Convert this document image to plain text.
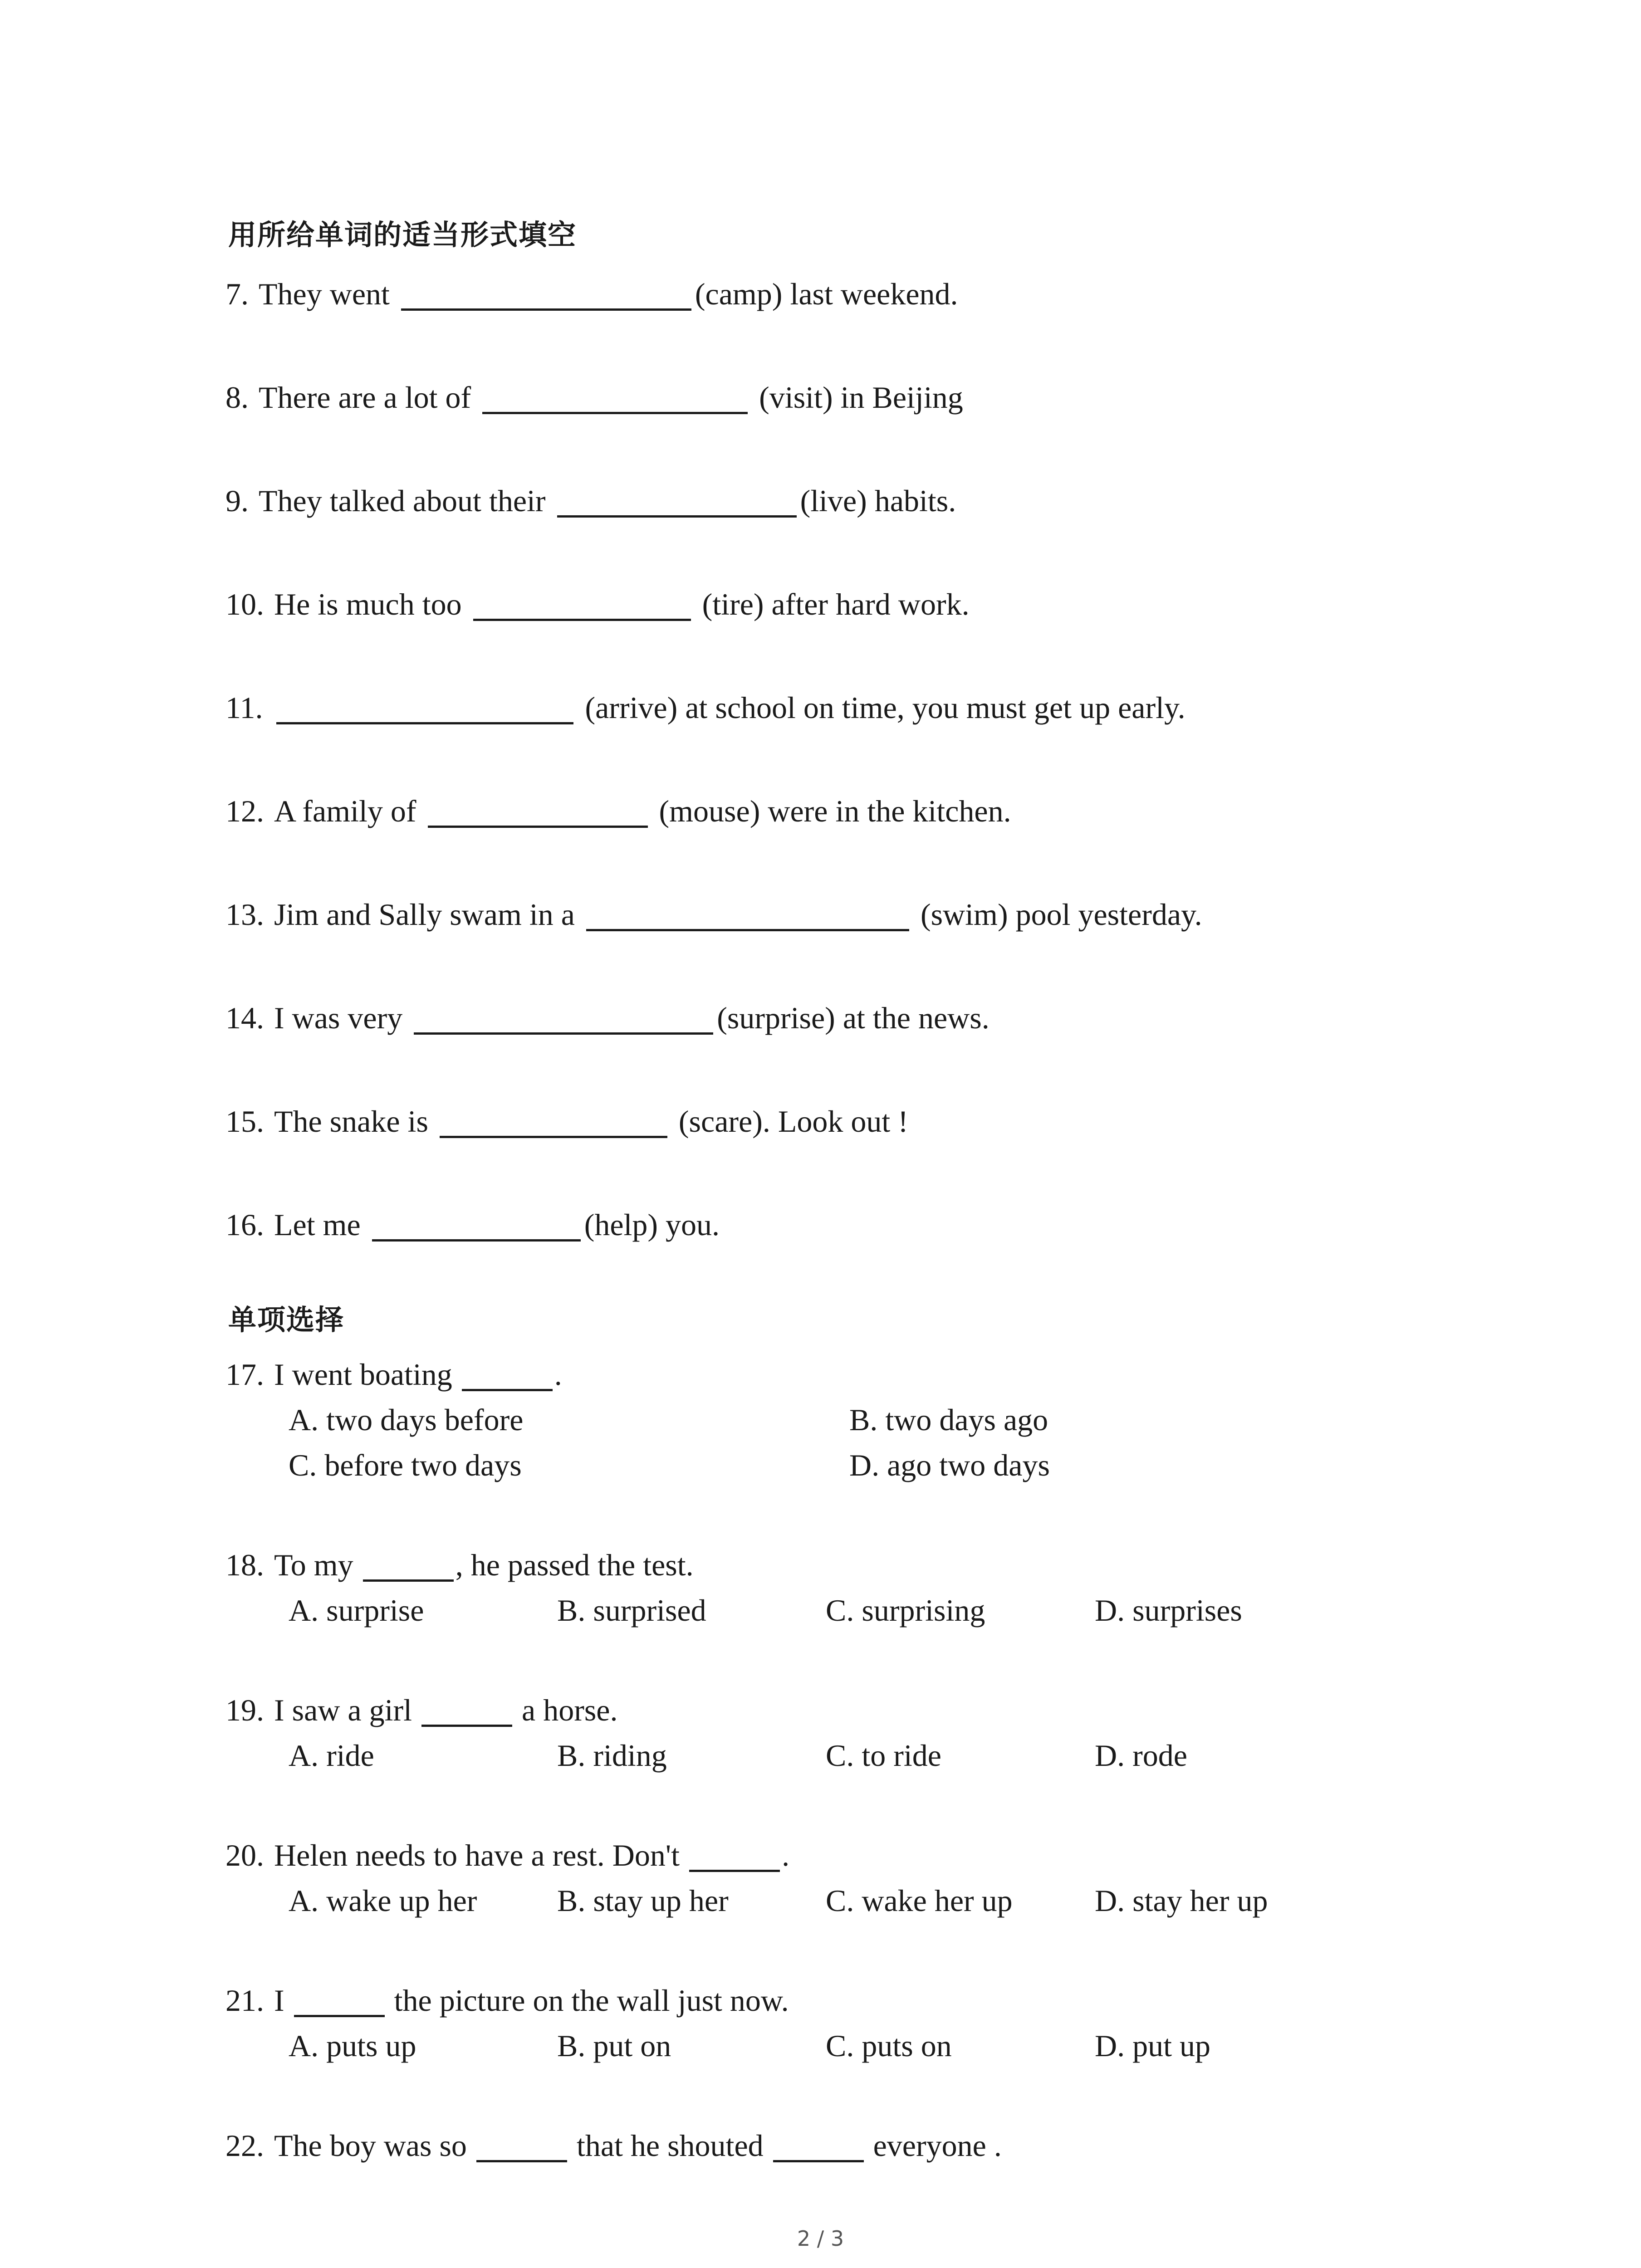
用所给单词的适当形式填空
7. They went	(camp) last weekend.
8. There are a lot of	(visit) in Beijing
9. They talked about their	(live) habits.
10. He is much too	(tire) after hard work.
11.	(arrive) at school on time, you must get up early.
12. A family of	(mouse) were in the kitchen.
13. Jim and Sally swam in a	(swim) pool yesterday.
14. I was very	(surprise) at the news.
15. The snake is	(scare). Look out !
16. Let me	(help) you.
单项选择
17. I went boating	.
A. two days before	B. two days ago
C. before two days	D. ago two days
18. To my	, he passed the test.
A. surprise	B. surprised	C. surprising	D. surprises
19. I saw a girl	a horse.
A. ride	B. riding	C. to ride	D. rode
20. Helen needs to have a rest. Don't	.
A. wake up her	B. stay up her	C. wake her up	D. stay her up
21. I	the picture on the wall just now.
A. puts up	B. put on	C. puts on	D. put up
22. The boy was so	that he shouted	everyone .
2 / 3
